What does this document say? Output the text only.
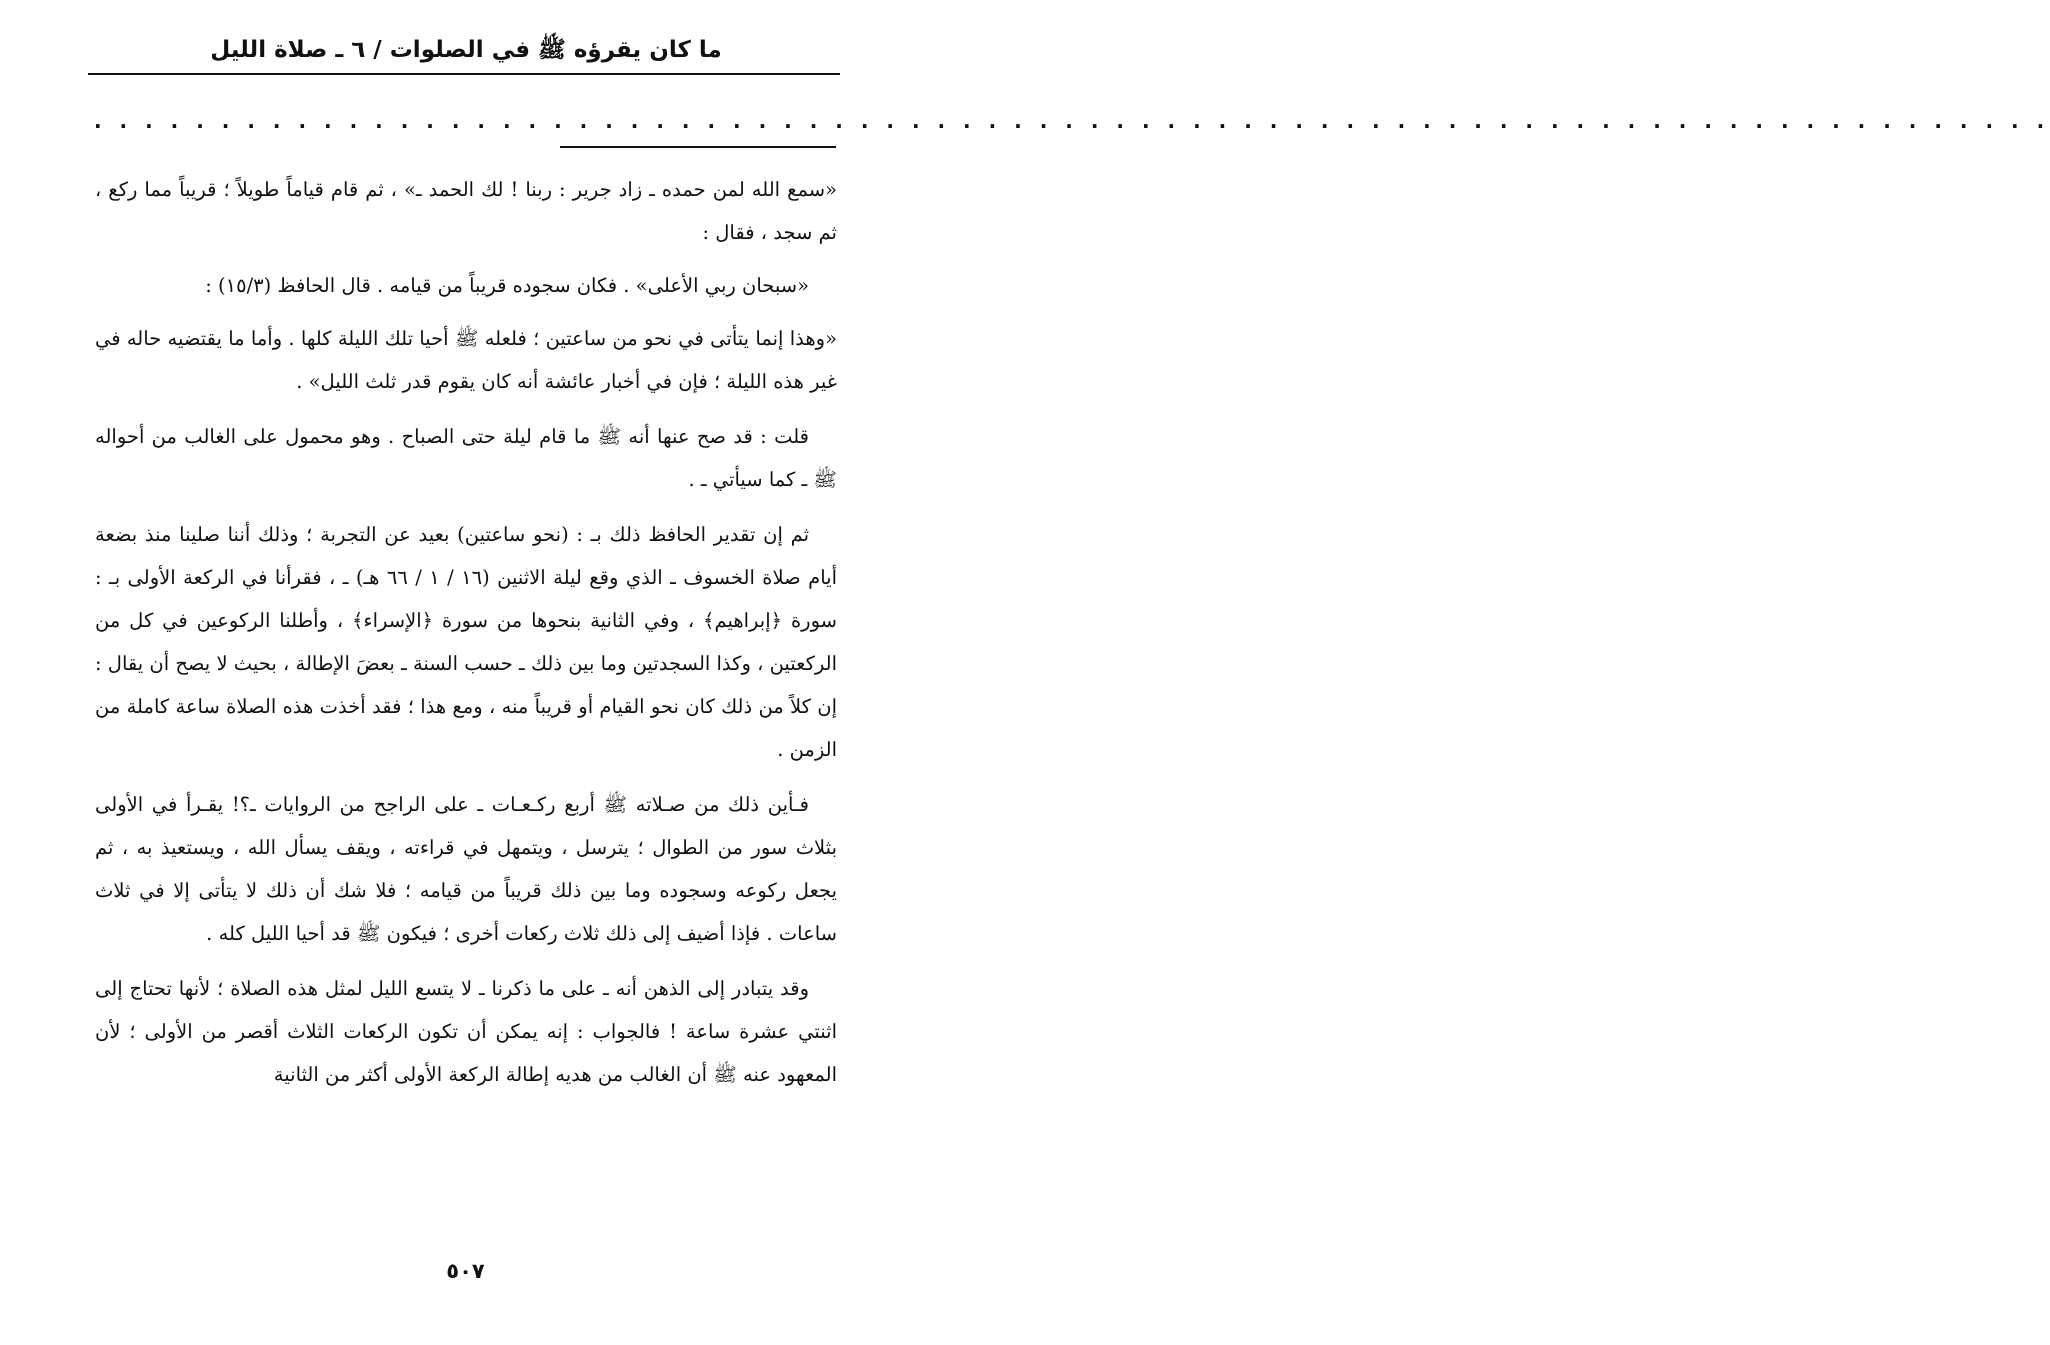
ما كان يقرؤه ﷺ في الصلوات / ٦ ـ صلاة الليل
. . . . . . . . . . . . . . . . . . . . . . . . . . . . . . . . . . . . . . . . . . . . . . . . . . . . . . . . . . . . . . . . . . . . . . . . . . . . .

«سمع الله لمن حمده ـ زاد جرير : ربنا ! لك الحمد ـ» ، ثم قام قياماً طويلاً ؛ قريباً مما ركع ، ثم سجد ، فقال :

«سبحان ربي الأعلى» . فكان سجوده قريباً من قيامه . قال الحافظ (١٥/٣) :

«وهذا إنما يتأتى في نحو من ساعتين ؛ فلعله ﷺ أحيا تلك الليلة كلها . وأما ما يقتضيه حاله في غير هذه الليلة ؛ فإن في أخبار عائشة أنه كان يقوم قدر ثلث الليل» .

قلت : قد صح عنها أنه ﷺ ما قام ليلة حتى الصباح . وهو محمول على الغالب من أحواله ﷺ ـ كما سيأتي ـ .

ثم إن تقدير الحافظ ذلك بـ : (نحو ساعتين) بعيد عن التجربة ؛ وذلك أننا صلينا منذ بضعة أيام صلاة الخسوف ـ الذي وقع ليلة الاثنين (١٦ / ١ / ٦٦ هـ) ـ ، فقرأنا في الركعة الأولى بـ : سورة ﴿إبراهيم﴾ ، وفي الثانية بنحوها من سورة ﴿الإسراء﴾ ، وأطلنا الركوعين في كل من الركعتين ، وكذا السجدتين وما بين ذلك ـ حسب السنة ـ بعضَ الإطالة ، بحيث لا يصح أن يقال : إن كلاً من ذلك كان نحو القيام أو قريباً منه ، ومع هذا ؛ فقد أخذت هذه الصلاة ساعة كاملة من الزمن .

فـأين ذلك من صـلاته ﷺ أربع ركـعـات ـ على الراجح من الروايات ـ؟! يقـرأ في الأولى بثلاث سور من الطوال ؛ يترسل ، ويتمهل في قراءته ، ويقف يسأل الله ، ويستعيذ به ، ثم يجعل ركوعه وسجوده وما بين ذلك قريباً من قيامه ؛ فلا شك أن ذلك لا يتأتى إلا في ثلاث ساعات . فإذا أضيف إلى ذلك ثلاث ركعات أخرى ؛ فيكون ﷺ قد أحيا الليل كله .

وقد يتبادر إلى الذهن أنه ـ على ما ذكرنا ـ لا يتسع الليل لمثل هذه الصلاة ؛ لأنها تحتاج إلى اثنتي عشرة ساعة ! فالجواب : إنه يمكن أن تكون الركعات الثلاث أقصر من الأولى ؛ لأن المعهود عنه ﷺ أن الغالب من هديه إطالة الركعة الأولى أكثر من الثانية

٥٠٧
